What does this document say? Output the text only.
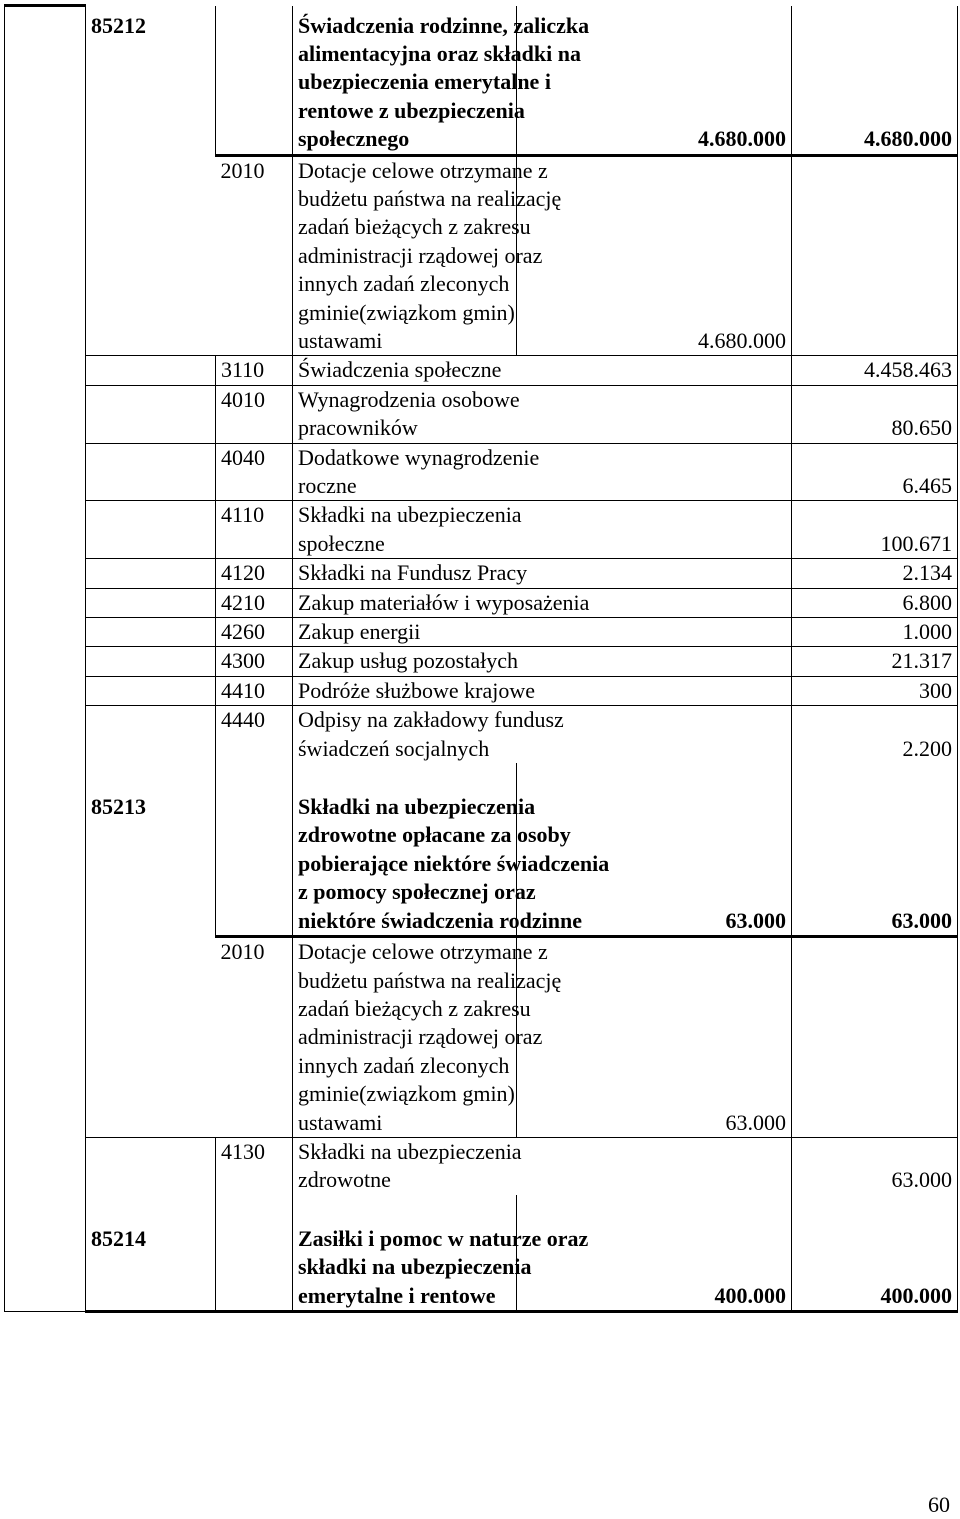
	85212		Świadczenia rodzinne, zaliczka alimentacyjna oraz składki na ubezpieczenia emerytalne i rentowe z ubezpieczenia społecznego	4.680.000	4.680.000
		2010	Dotacje celowe otrzymane z budżetu państwa na realizację zadań bieżących z zakresu administracji rządowej oraz innych zadań zleconych gminie(związkom gmin) ustawami	4.680.000	
		3110	Świadczenia społeczne		4.458.463
		4010	Wynagrodzenia osobowe pracowników		80.650
		4040	Dodatkowe wynagrodzenie roczne		6.465
		4110	Składki na ubezpieczenia społeczne		100.671
		4120	Składki na Fundusz Pracy		2.134
		4210	Zakup materiałów i wyposażenia		6.800
		4260	Zakup energii		1.000
		4300	Zakup usług pozostałych		21.317
		4410	Podróże służbowe krajowe		300
		4440	Odpisy na zakładowy fundusz świadczeń socjalnych		2.200
	85213		Składki na ubezpieczenia zdrowotne opłacane za osoby pobierające niektóre świadczenia z pomocy społecznej oraz niektóre świadczenia rodzinne	63.000	63.000
		2010	Dotacje celowe otrzymane z budżetu państwa na realizację zadań bieżących z zakresu administracji rządowej oraz innych zadań zleconych gminie(związkom gmin) ustawami	63.000	
		4130	Składki na ubezpieczenia zdrowotne		63.000
	85214		Zasiłki i pomoc w naturze oraz składki na ubezpieczenia emerytalne i rentowe	400.000	400.000
60
